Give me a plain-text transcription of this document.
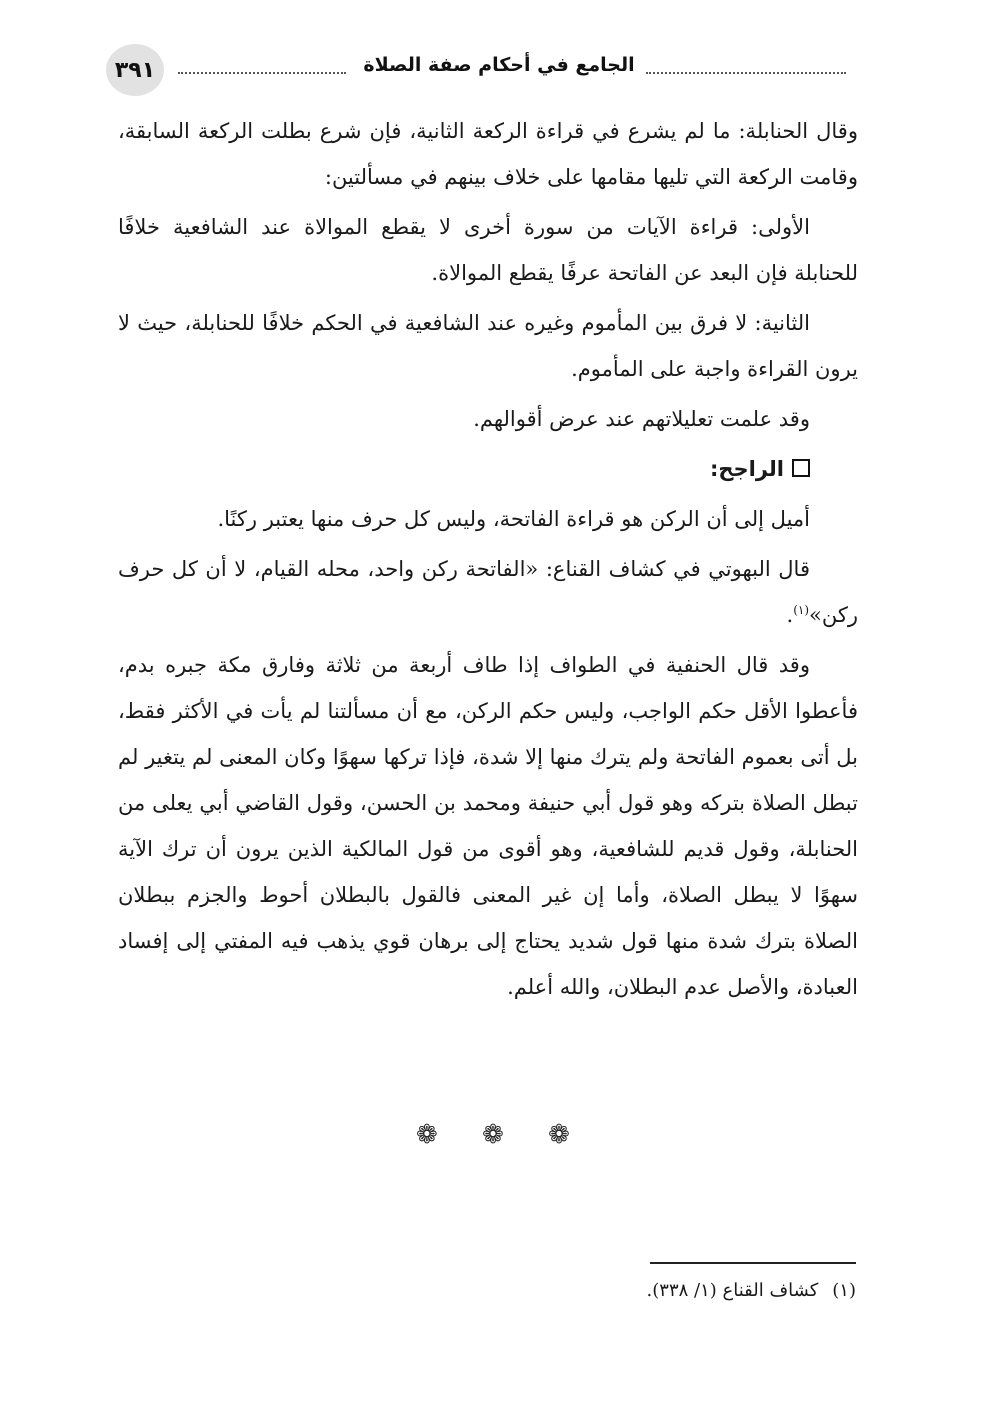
٣٩١	الجامع في أحكام صفة الصلاة

وقال الحنابلة: ما لم يشرع في قراءة الركعة الثانية، فإن شرع بطلت الركعة السابقة، وقامت الركعة التي تليها مقامها على خلاف بينهم في مسألتين:

الأولى: قراءة الآيات من سورة أخرى لا يقطع الموالاة عند الشافعية خلافًا للحنابلة فإن البعد عن الفاتحة عرفًا يقطع الموالاة.

الثانية: لا فرق بين المأموم وغيره عند الشافعية في الحكم خلافًا للحنابلة، حيث لا يرون القراءة واجبة على المأموم.

وقد علمت تعليلاتهم عند عرض أقوالهم.

الراجح:

أميل إلى أن الركن هو قراءة الفاتحة، وليس كل حرف منها يعتبر ركنًا.

قال البهوتي في كشاف القناع: «الفاتحة ركن واحد، محله القيام، لا أن كل حرف ركن»$^{(١)}$.

وقد قال الحنفية في الطواف إذا طاف أربعة من ثلاثة وفارق مكة جبره بدم، فأعطوا الأقل حكم الواجب، وليس حكم الركن، مع أن مسألتنا لم يأت في الأكثر فقط، بل أتى بعموم الفاتحة ولم يترك منها إلا شدة، فإذا تركها سهوًا وكان المعنى لم يتغير لم تبطل الصلاة بتركه وهو قول أبي حنيفة ومحمد بن الحسن، وقول القاضي أبي يعلى من الحنابلة، وقول قديم للشافعية، وهو أقوى من قول المالكية الذين يرون أن ترك الآية سهوًا لا يبطل الصلاة، وأما إن غير المعنى فالقول بالبطلان أحوط والجزم ببطلان الصلاة بترك شدة منها قول شديد يحتاج إلى برهان قوي يذهب فيه المفتي إلى إفساد العبادة، والأصل عدم البطلان، والله أعلم.

❁ ❁ ❁
(١)كشاف القناع (١/ ٣٣٨).
